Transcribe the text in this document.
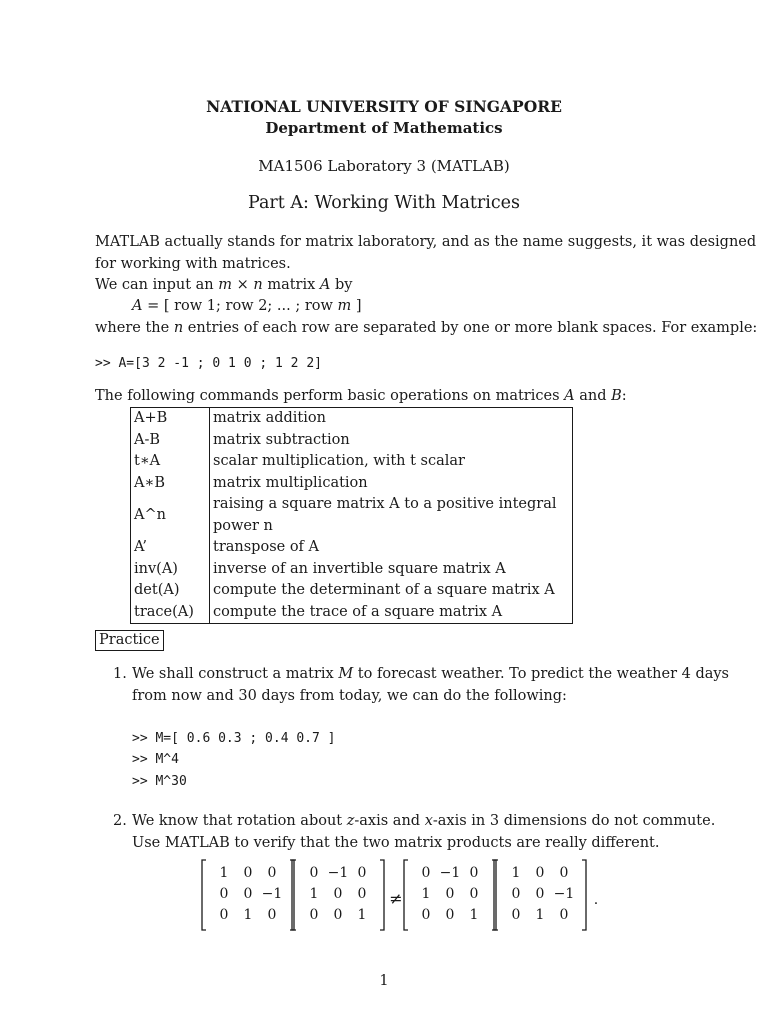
NATIONAL UNIVERSITY OF SINGAPORE
Department of Mathematics
MA1506 Laboratory 3 (MATLAB)
Part A: Working With Matrices
MATLAB actually stands for matrix laboratory, and as the name suggests, it was designed
for working with matrices.
We can input an m × n matrix A by
A = [ row 1; row 2; ... ; row m ]
where the n entries of each row are separated by one or more blank spaces. For example:
>> A=[3 2 -1 ; 0 1 0 ; 1 2 2]
The following commands perform basic operations on matrices A and B:
A+B	matrix addition
A-B	matrix subtraction
t∗A	scalar multiplication, with t scalar
A∗B	matrix multiplication
A^n	raising a square matrix A to a positive integral power n
A’	transpose of A
inv(A)	inverse of an invertible square matrix A
det(A)	compute the determinant of a square matrix A
trace(A)	compute the trace of a square matrix A
Practice
1. We shall construct a matrix M to forecast weather. To predict the weather 4 days
from now and 30 days from today, we can do the following:
>> M=[ 0.6 0.3 ; 0.4 0.7 ]
>> M^4
>> M^30
2. We know that rotation about z-axis and x-axis in 3 dimensions do not commute.
Use MATLAB to verify that the two matrix products are really different.
1 0 0
0 0 −1
0 1 0
0 −1 0
1 0 0
0 0 1
0 −1 0
1 0 0
0 0 1
1 0 0
0 0 −1
0 1 0
≠	.
1
